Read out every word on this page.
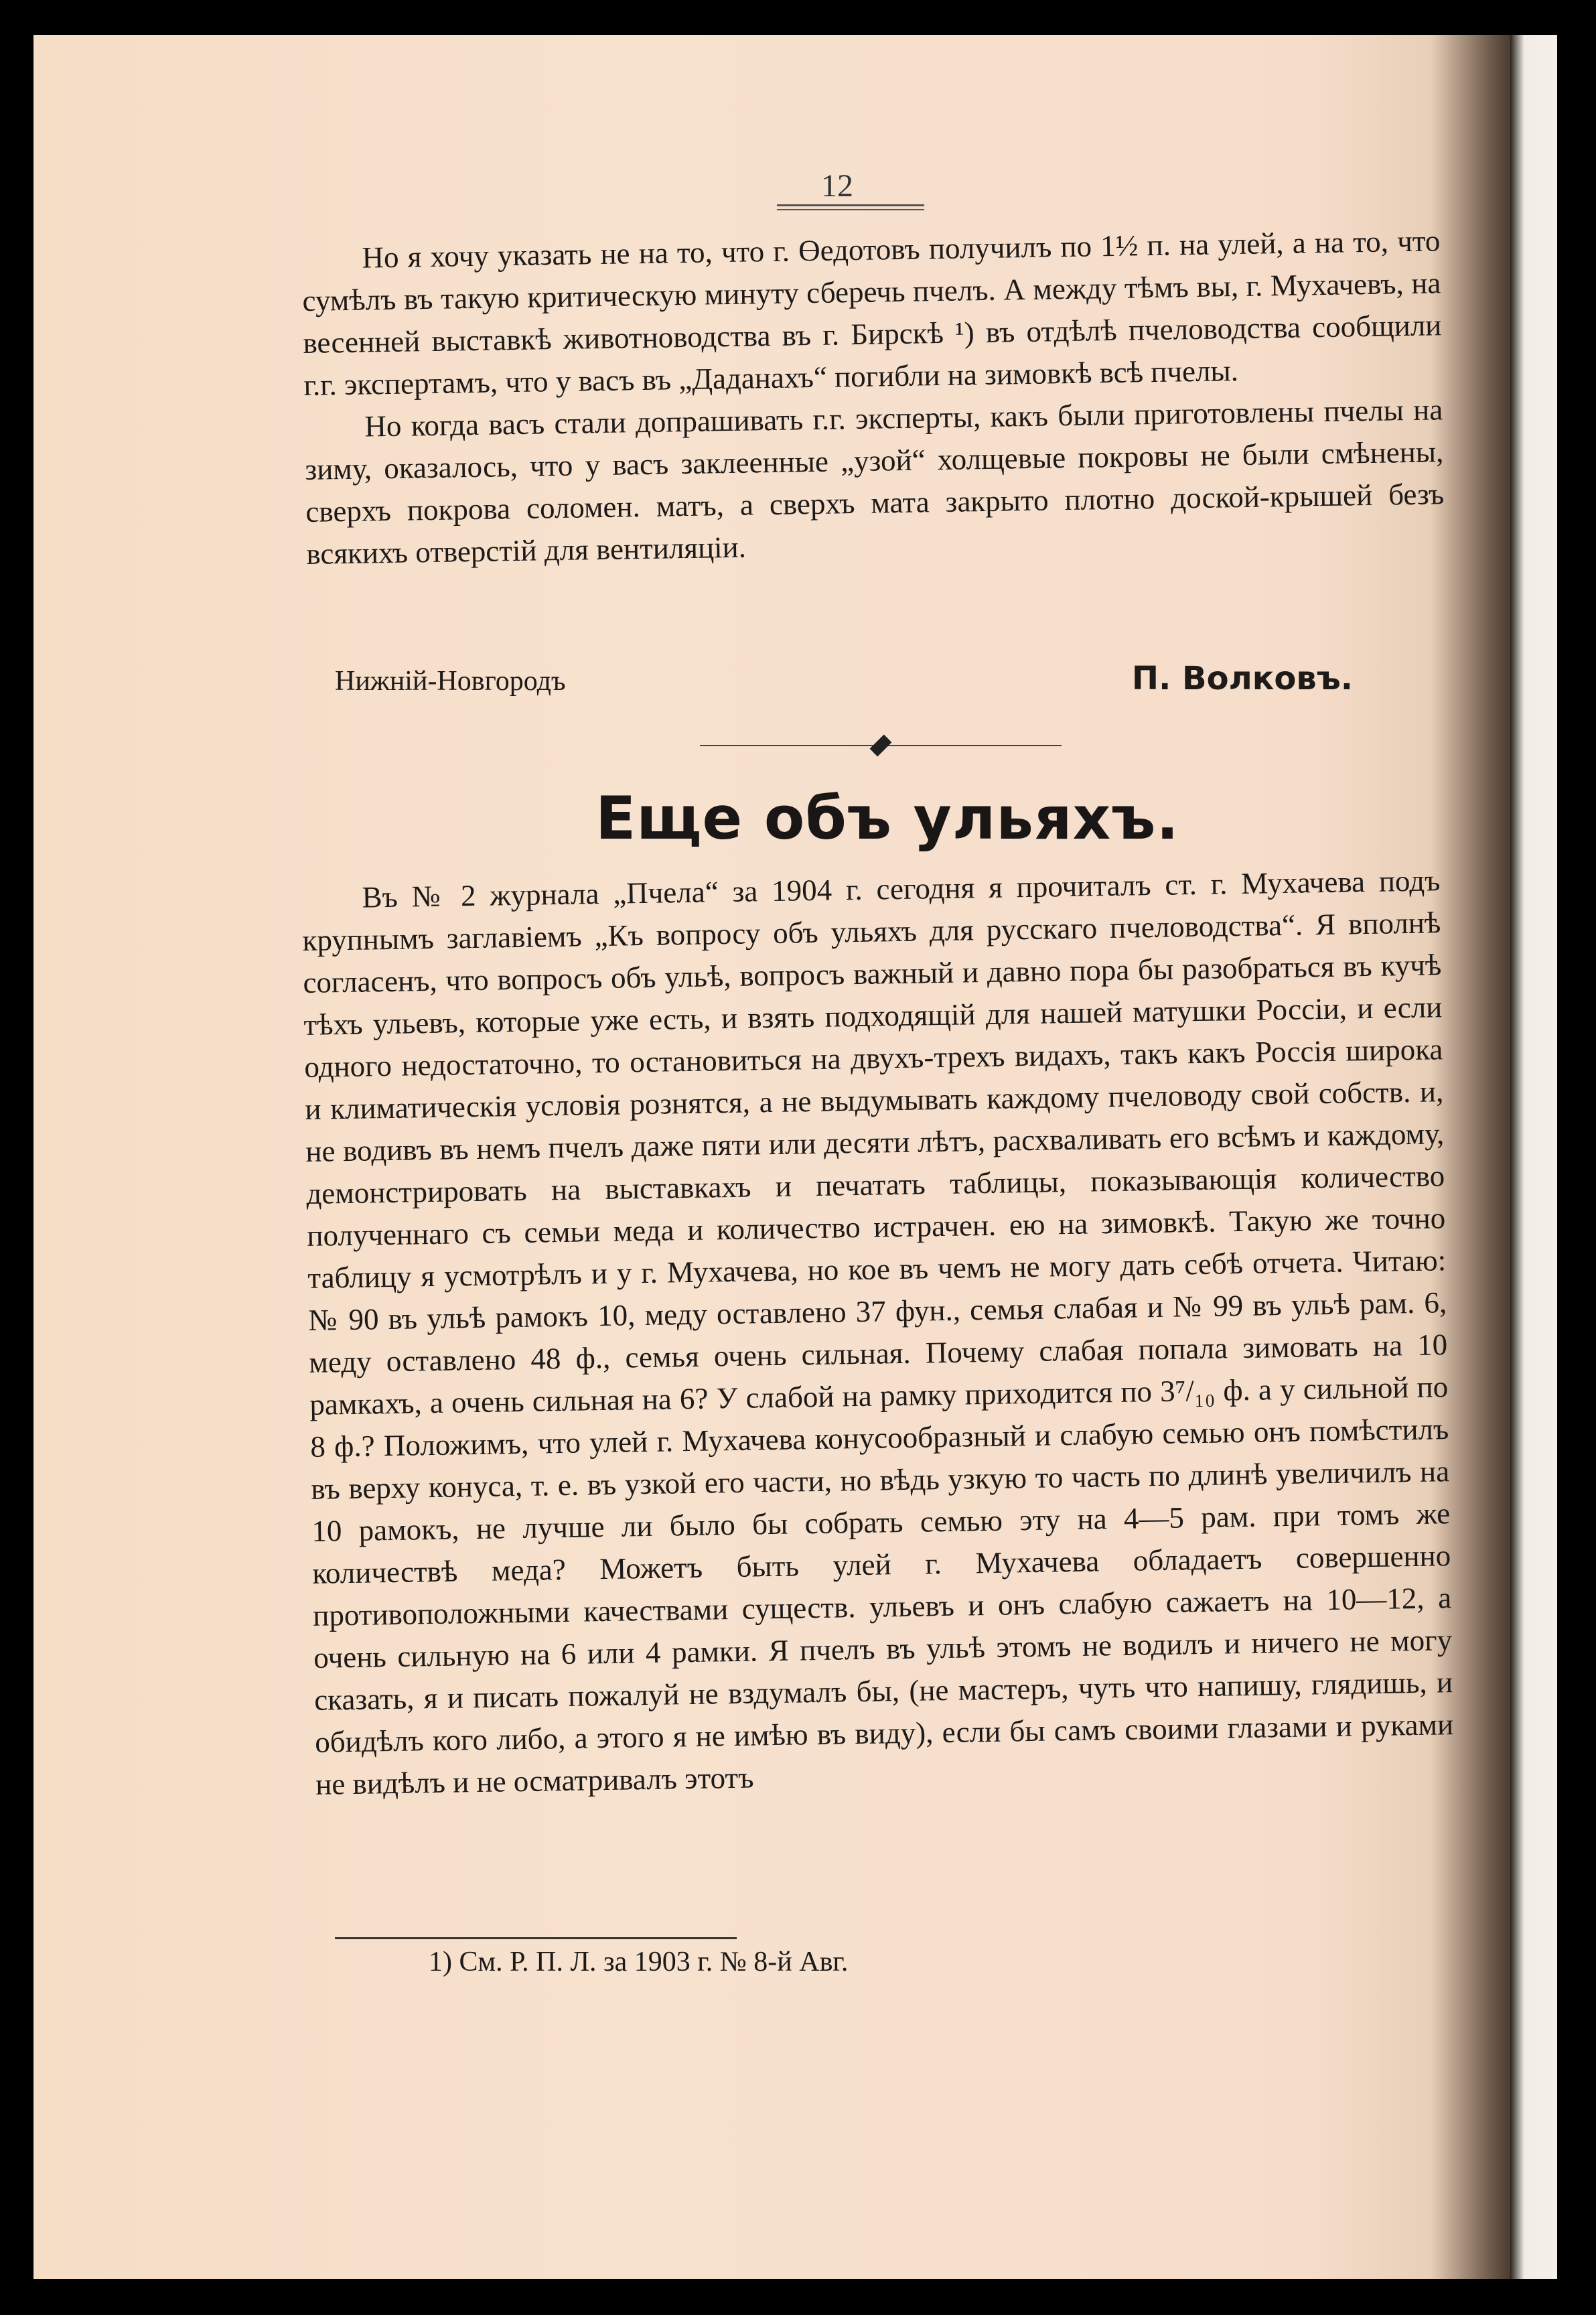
12

Но я хочу указать не на то, что г. Өедотовъ получилъ по 1½ п. на улей, а на то, что сумѣлъ въ такую критическую минуту сберечь пчелъ. А между тѣмъ вы, г. Мухачевъ, на весенней выставкѣ животноводства въ г. Бирскѣ ¹) въ отдѣлѣ пчеловодства сообщили г.г. экспертамъ, что у васъ въ „Даданахъ“ погибли на зимовкѣ всѣ пчелы.

Но когда васъ стали допрашивать г.г. эксперты, какъ были приготовлены пчелы на зиму, оказалось, что у васъ заклеенные „узой“ холщевые покровы не были смѣнены, сверхъ покрова соломен. матъ, а сверхъ мата закрыто плотно доской-крышей безъ всякихъ отверстій для вентиляціи.

Нижній-Новгородъ	П. Волковъ.
Еще объ ульяхъ.

Въ № 2 журнала „Пчела“ за 1904 г. сегодня я прочиталъ ст. г. Мухачева подъ крупнымъ заглавіемъ „Къ вопросу объ ульяхъ для русскаго пчеловодства“. Я вполнѣ согласенъ, что вопросъ объ ульѣ, вопросъ важный и давно пора бы разобраться въ кучѣ тѣхъ ульевъ, которые уже есть, и взять подходящій для нашей матушки Россіи, и если одного недостаточно, то остановиться на двухъ-трехъ видахъ, такъ какъ Россія широка и климатическія условія рознятся, а не выдумывать каждому пчеловоду свой собств. и, не водивъ въ немъ пчелъ даже пяти или десяти лѣтъ, расхваливать его всѣмъ и каждому, демонстрировать на выставкахъ и печатать таблицы, показывающія количество полученнаго съ семьи меда и количество истрачен. ею на зимовкѣ. Такую же точно таблицу я усмотрѣлъ и у г. Мухачева, но кое въ чемъ не могу дать себѣ отчета. Читаю: № 90 въ ульѣ рамокъ 10, меду оставлено 37 фун., семья слабая и № 99 въ ульѣ рам. 6, меду оставлено 48 ф., семья очень сильная. Почему слабая попала зимовать на 10 рамкахъ, а очень сильная на 6? У слабой на рамку приходится по 3⁷/₁₀ ф. а у сильной по 8 ф.? Положимъ, что улей г. Мухачева конусообразный и слабую семью онъ помѣстилъ въ верху конуса, т. е. въ узкой его части, но вѣдь узкую то часть по длинѣ увеличилъ на 10 рамокъ, не лучше ли было бы собрать семью эту на 4—5 рам. при томъ же количествѣ меда? Можетъ быть улей г. Мухачева обладаетъ совершенно противоположными качествами существ. ульевъ и онъ слабую сажаетъ на 10—12, а очень сильную на 6 или 4 рамки. Я пчелъ въ ульѣ этомъ не водилъ и ничего не могу сказать, я и писать пожалуй не вздумалъ бы, (не мастеръ, чуть что напишу, глядишь, и обидѣлъ кого либо, а этого я не имѣю въ виду), если бы самъ своими глазами и руками не видѣлъ и не осматривалъ этотъ

1) См. Р. П. Л. за 1903 г. № 8-й Авг.
